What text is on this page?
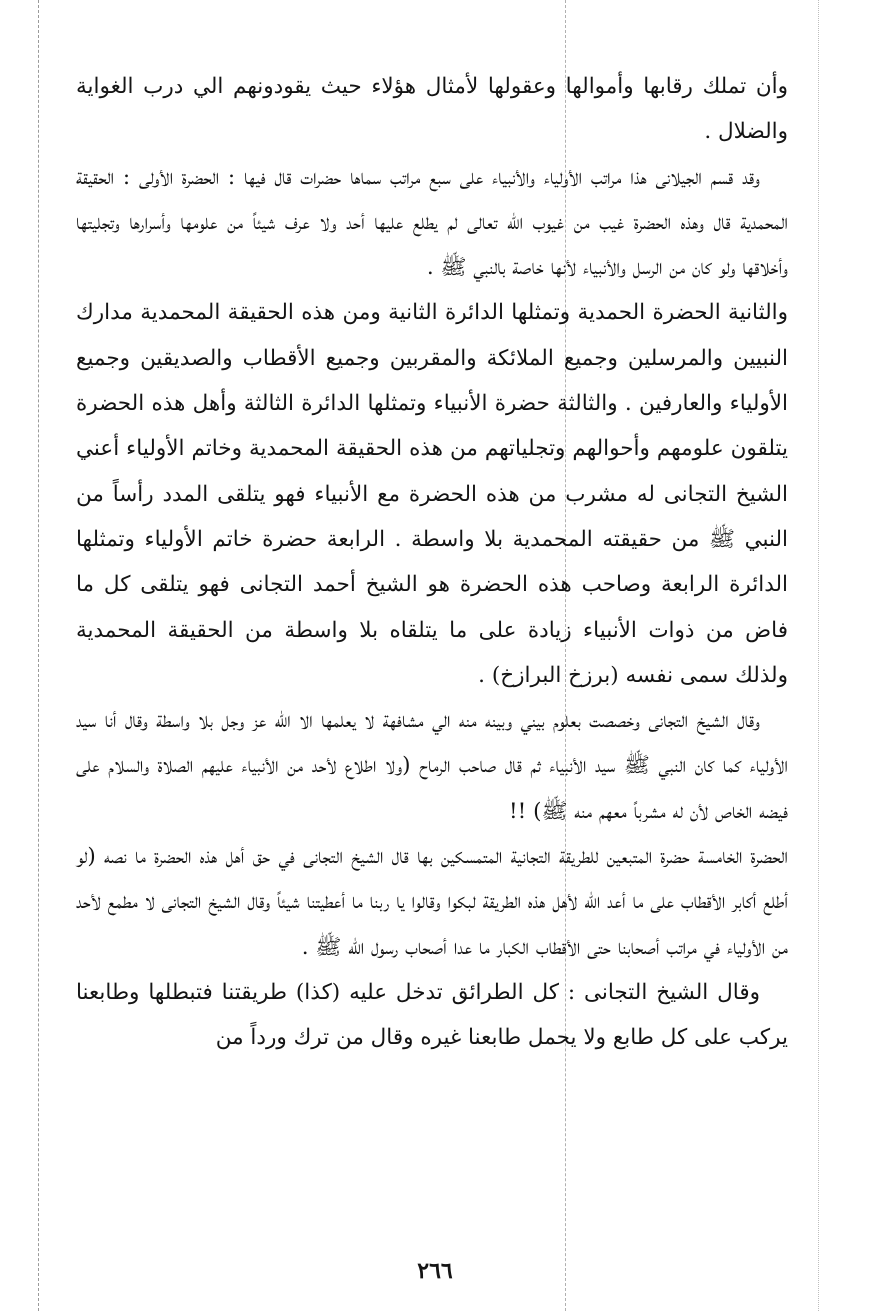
وأن تملك رقابها وأموالها وعقولها لأمثال هؤلاء حيث يقودونهم الي درب الغواية والضلال .

وقد قسم الجيلانى هذا مراتب الأولياء والأنبياء على سبع مراتب سماها حضرات قال فيها : الحضرة الأولى : الحقيقة المحمدية قال وهذه الحضرة غيب من غيوب الله تعالى لم يطلع عليها أحد ولا عرف شيئاً من علومها وأسرارها وتجليتها وأخلاقها ولو كان من الرسل والأنبياء لأنها خاصة بالنبي ﷺ .

والثانية الحضرة الحمدية وتمثلها الدائرة الثانية ومن هذه الحقيقة المحمدية مدارك النبيين والمرسلين وجميع الملائكة والمقربين وجميع الأقطاب والصديقين وجميع الأولياء والعارفين . والثالثة حضرة الأنبياء وتمثلها الدائرة الثالثة وأهل هذه الحضرة يتلقون علومهم وأحوالهم وتجلياتهم من هذه الحقيقة المحمدية وخاتم الأولياء أعني الشيخ التجانى له مشرب من هذه الحضرة مع الأنبياء فهو يتلقى المدد رأساً من النبي ﷺ من حقيقته المحمدية بلا واسطة . الرابعة حضرة خاتم الأولياء وتمثلها الدائرة الرابعة وصاحب هذه الحضرة هو الشيخ أحمد التجانى فهو يتلقى كل ما فاض من ذوات الأنبياء زيادة على ما يتلقاه بلا واسطة من الحقيقة المحمدية ولذلك سمى نفسه (برزخ البرازخ) .

وقال الشيخ التجانى وخصصت بعلوم بيني وبينه منه الي مشافهة لا يعلمها الا الله عز وجل بلا واسطة وقال أنا سيد الأولياء كما كان النبي ﷺ سيد الأنبياء ثم قال صاحب الرماح (ولا اطلاع لأحد من الأنبياء عليهم الصلاة والسلام على فيضه الخاص لأن له مشرباً معهم منه ﷺ) !!

الحضرة الخامسة حضرة المتبعين للطريقة التجانية المتمسكين بها قال الشيخ التجانى في حق أهل هذه الحضرة ما نصه (لو أطلع أكابر الأقطاب على ما أعد الله لأهل هذه الطريقة لبكوا وقالوا يا ربنا ما أعطيتنا شيئاً وقال الشيخ التجانى لا مطمع لأحد من الأولياء في مراتب أصحابنا حتى الأقطاب الكبار ما عدا أصحاب رسول الله ﷺ .

وقال الشيخ التجانى : كل الطرائق تدخل عليه (كذا) طريقتنا فتبطلها وطابعنا يركب على كل طابع ولا يحمل طابعنا غيره وقال من ترك ورداً من

٢٦٦
